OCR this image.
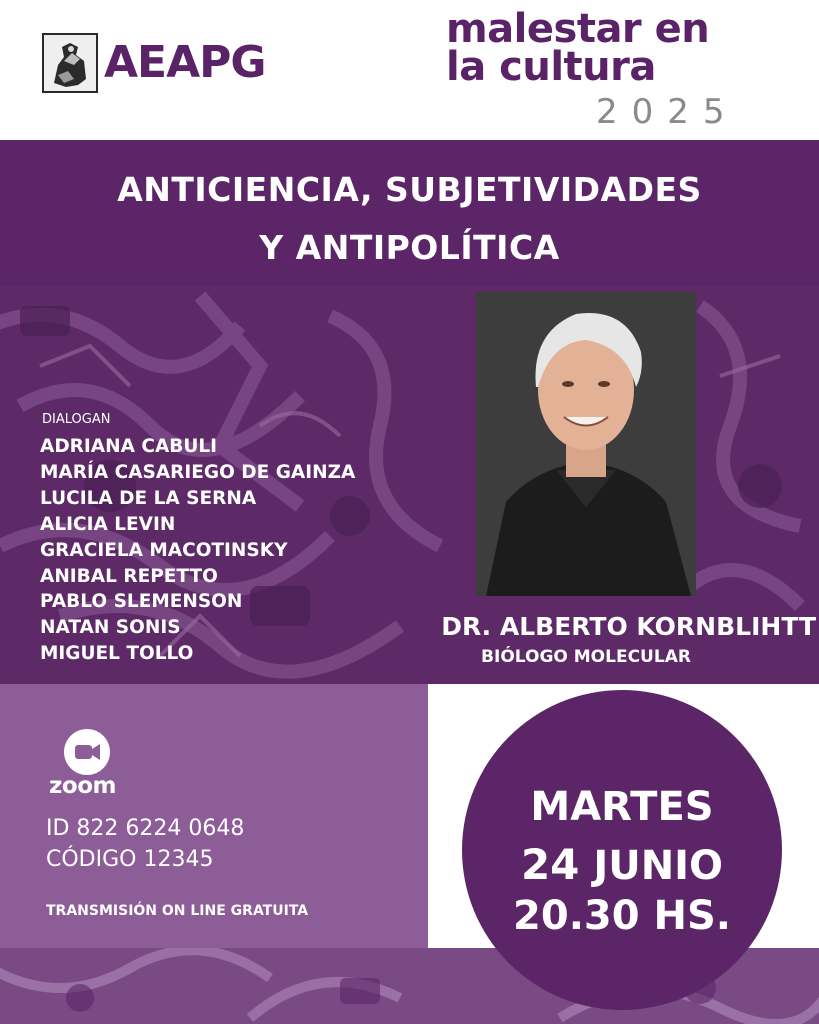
AEAPG
malestar en
la cultura
2025
ANTICIENCIA, SUBJETIVIDADES
Y ANTIPOLÍTICA
DIALOGAN
ADRIANA CABULI
MARÍA CASARIEGO DE GAINZA
LUCILA DE LA SERNA
ALICIA LEVIN
GRACIELA MACOTINSKY
ANIBAL REPETTO
PABLO SLEMENSON
NATAN SONIS
MIGUEL TOLLO
DR. ALBERTO KORNBLIHTT
BIÓLOGO MOLECULAR
zoom
ID 822 6224 0648
CÓDIGO 12345
TRANSMISIÓN ON LINE GRATUITA
MARTES
24 JUNIO
20.30 HS.
